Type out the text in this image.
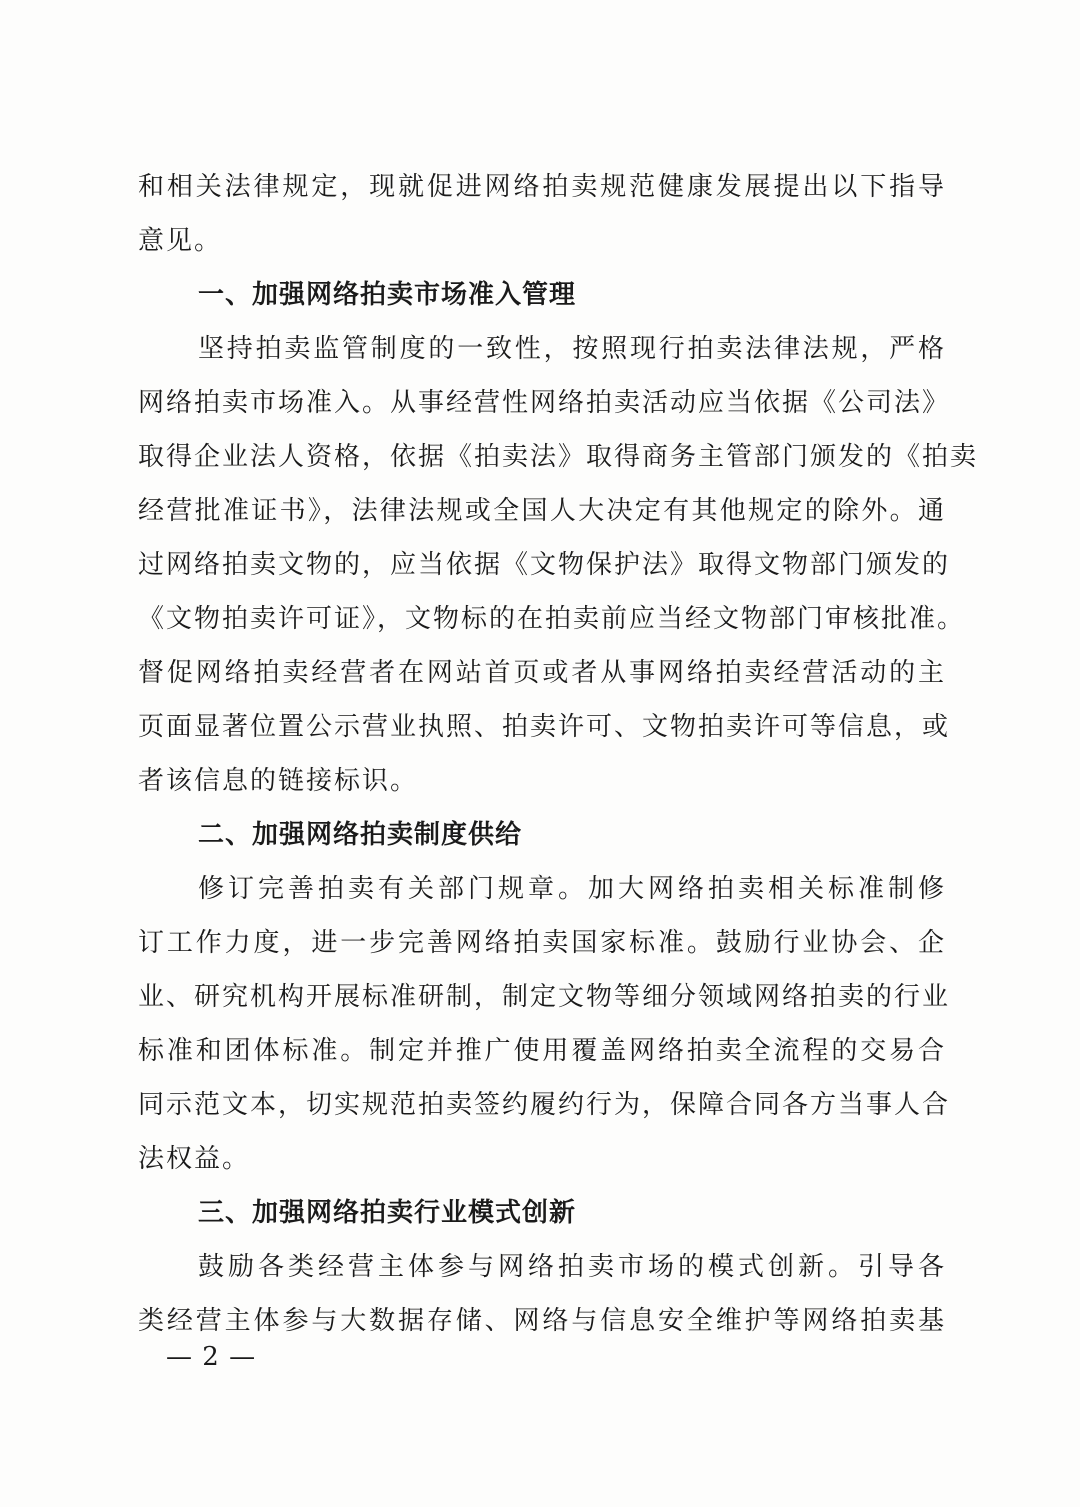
和相关法律规定，现就促进网络拍卖规范健康发展提出以下指导
意见。
一、加强网络拍卖市场准入管理
坚持拍卖监管制度的一致性，按照现行拍卖法律法规，严格
网络拍卖市场准入。从事经营性网络拍卖活动应当依据《公司法》
取得企业法人资格，依据《拍卖法》取得商务主管部门颁发的《拍卖
经营批准证书》，法律法规或全国人大决定有其他规定的除外。通
过网络拍卖文物的，应当依据《文物保护法》取得文物部门颁发的
《文物拍卖许可证》，文物标的在拍卖前应当经文物部门审核批准。
督促网络拍卖经营者在网站首页或者从事网络拍卖经营活动的主
页面显著位置公示营业执照、拍卖许可、文物拍卖许可等信息，或
者该信息的链接标识。
二、加强网络拍卖制度供给
修订完善拍卖有关部门规章。加大网络拍卖相关标准制修
订工作力度，进一步完善网络拍卖国家标准。鼓励行业协会、企
业、研究机构开展标准研制，制定文物等细分领域网络拍卖的行业
标准和团体标准。制定并推广使用覆盖网络拍卖全流程的交易合
同示范文本，切实规范拍卖签约履约行为，保障合同各方当事人合
法权益。
三、加强网络拍卖行业模式创新
鼓励各类经营主体参与网络拍卖市场的模式创新。引导各
类经营主体参与大数据存储、网络与信息安全维护等网络拍卖基
— 2 —
